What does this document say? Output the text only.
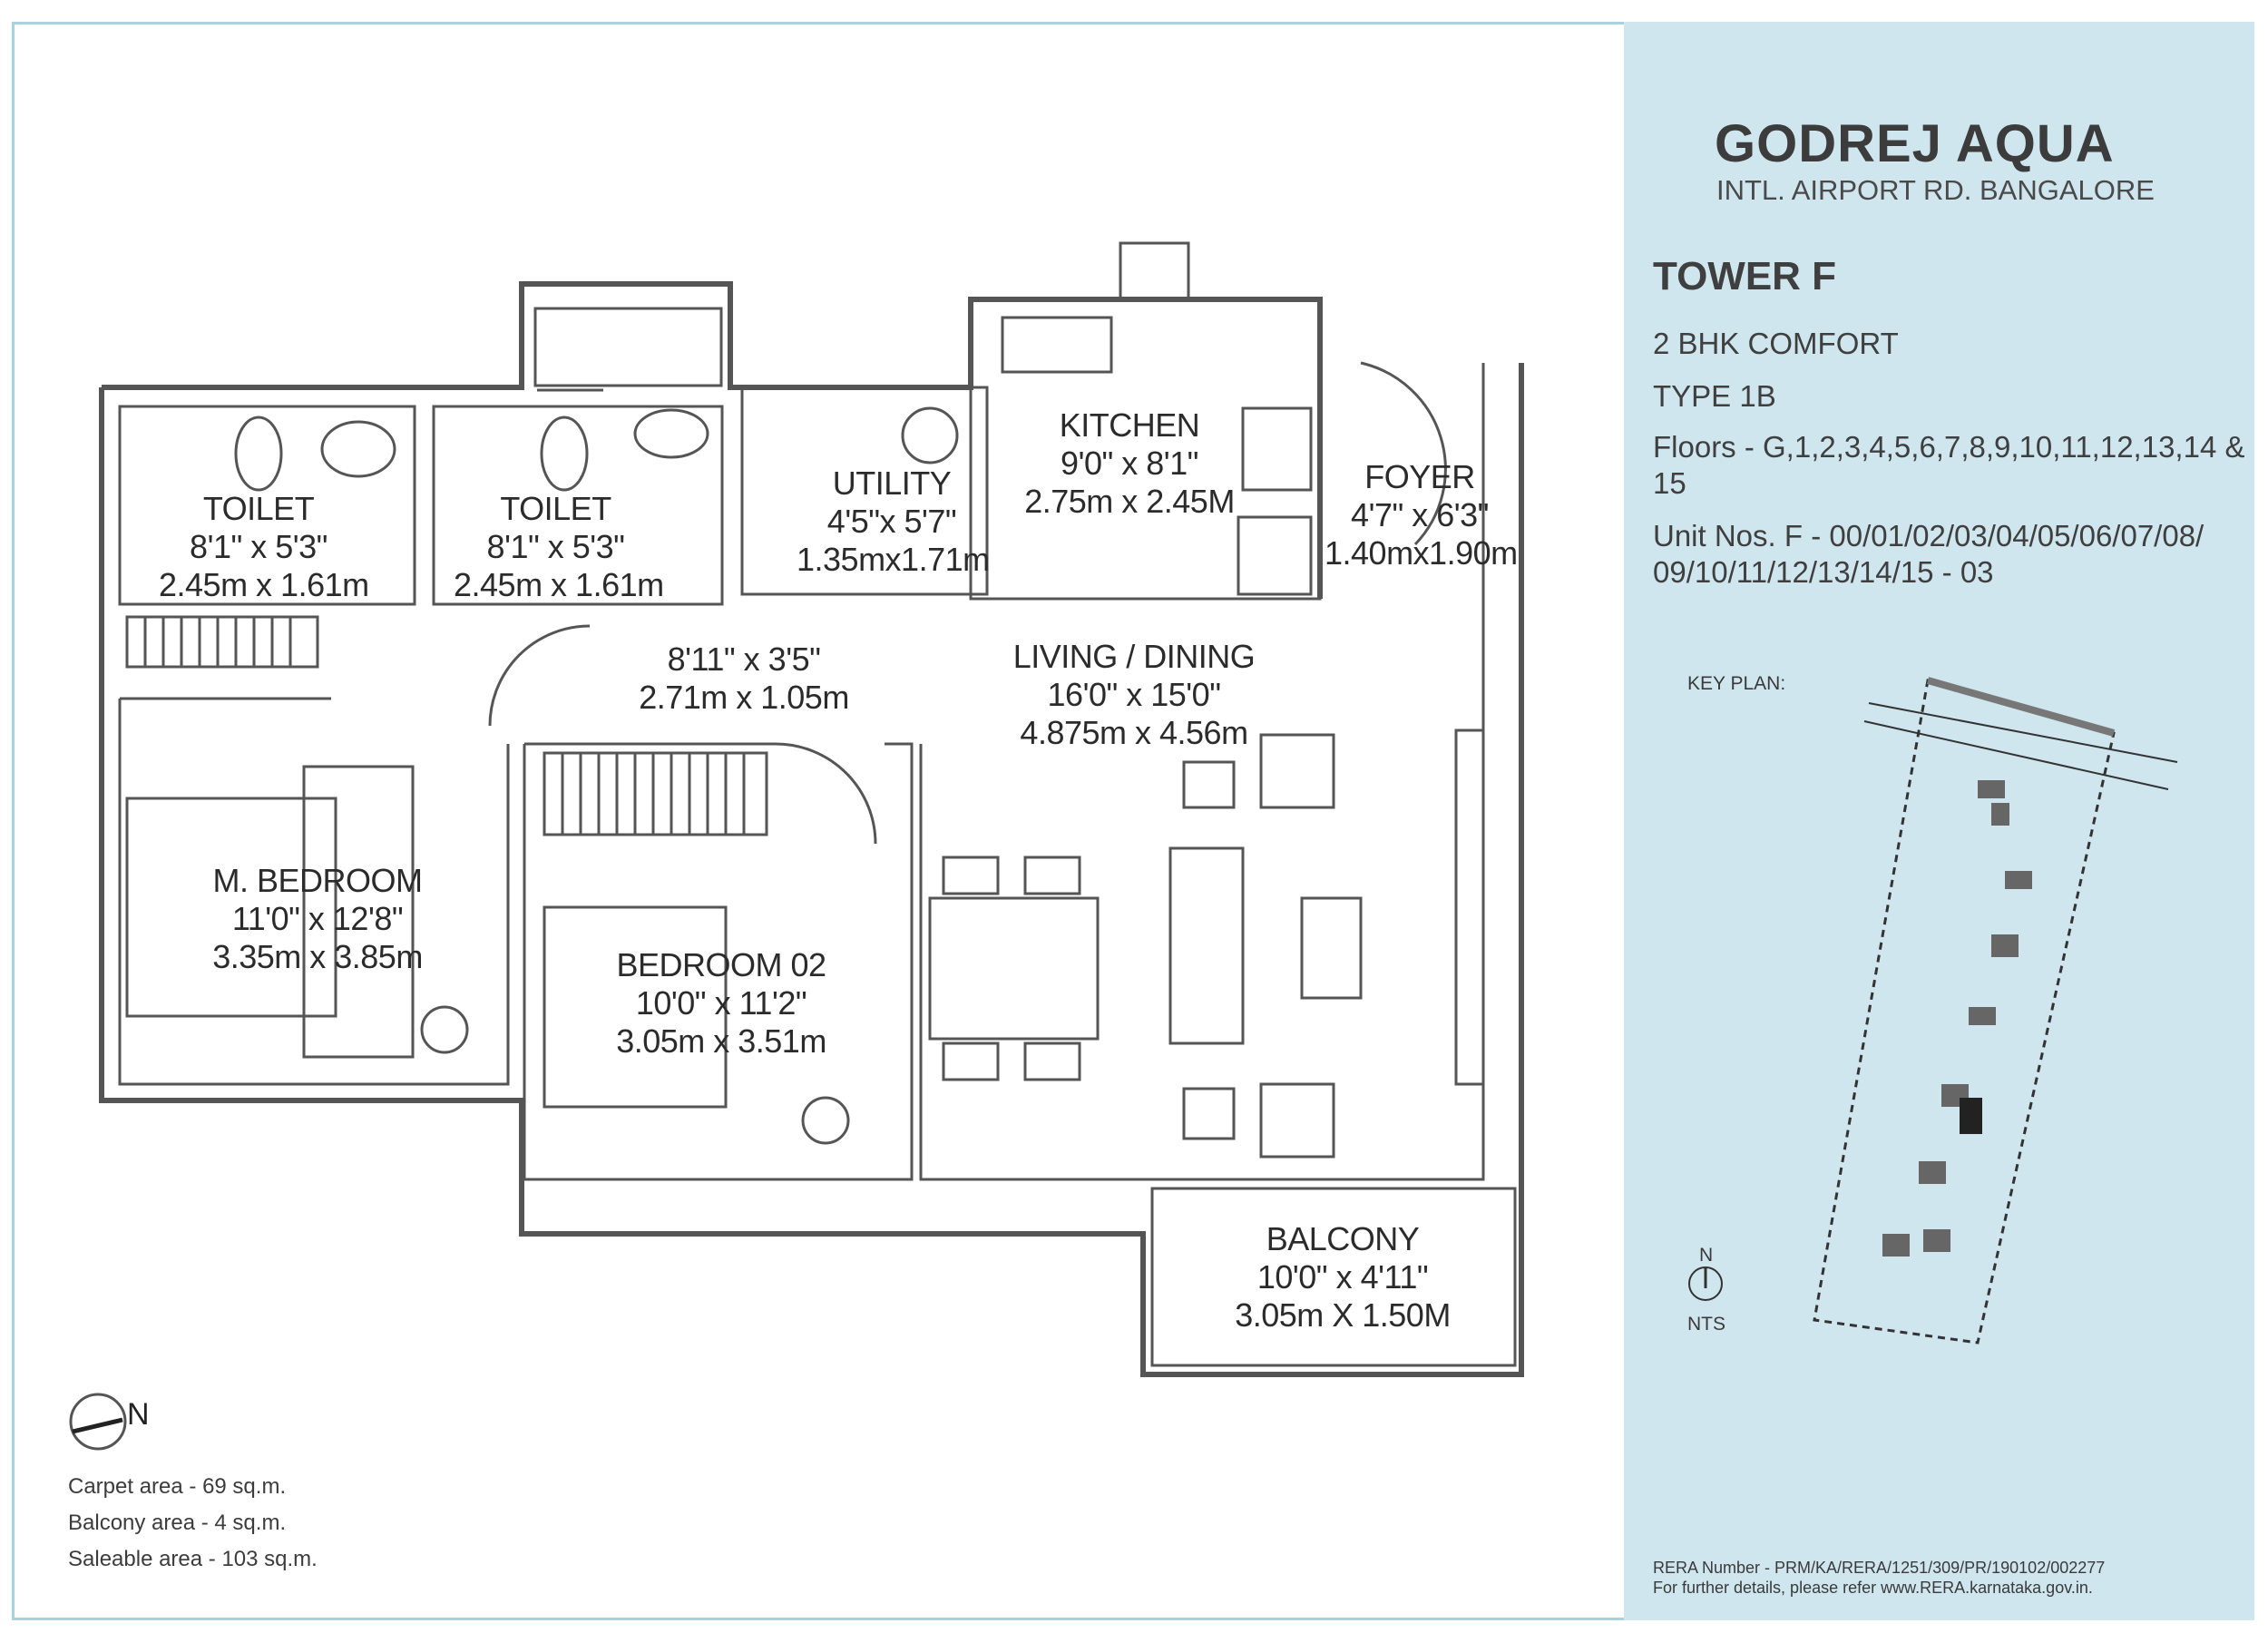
GODREJ AQUA
INTL. AIRPORT RD. BANGALORE
TOWER F
2 BHK COMFORT
TYPE 1B
Floors - G,1,2,3,4,5,6,7,8,9,10,11,12,13,14 &
15
Unit Nos. F - 00/01/02/03/04/05/06/07/08/
09/10/11/12/13/14/15 - 03
KEY PLAN:
N
NTS
RERA Number - PRM/KA/RERA/1251/309/PR/190102/002277
For further details, please refer www.RERA.karnataka.gov.in.
TOILET
8'1" x 5'3"
2.45m x 1.61m
TOILET
8'1" x 5'3"
2.45m x 1.61m
UTILITY
4'5"x 5'7"
1.35mx1.71m
KITCHEN
9'0" x 8'1"
2.75m x 2.45M
FOYER
4'7" x 6'3"
1.40mx1.90m
8'11" x 3'5"
2.71m x 1.05m
LIVING / DINING
16'0" x 15'0"
4.875m x 4.56m
M. BEDROOM
11'0" x 12'8"
3.35m x 3.85m	BEDROOM 02
10'0" x 11'2"
3.05m x 3.51m
BALCONY
10'0" x 4'11"
3.05m X 1.50M
N
Carpet area - 69 sq.m.
Balcony area - 4 sq.m.
Saleable area - 103 sq.m.
